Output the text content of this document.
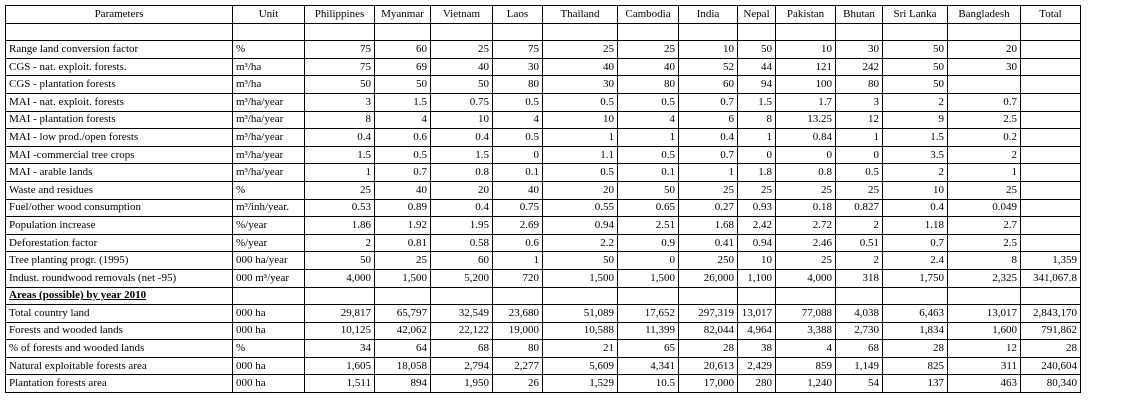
Parameters	Unit	Philippines	Myanmar	Vietnam	Laos	Thailand	Cambodia	India	Nepal	Pakistan	Bhutan	Sri Lanka	Bangladesh	Total

Range land conversion factor	%	75	60	25	75	25	25	10	50	10	30	50	20	
CGS - nat. exploit. forests.	m³/ha	75	69	40	30	40	40	52	44	121	242	50	30	
CGS - plantation forests	m³/ha	50	50	50	80	30	80	60	94	100	80	50		
MAI - nat. exploit. forests	m³/ha/year	3	1.5	0.75	0.5	0.5	0.5	0.7	1.5	1.7	3	2	0.7	
MAI - plantation forests	m³/ha/year	8	4	10	4	10	4	6	8	13.25	12	9	2.5	
MAI - low prod./open forests	m³/ha/year	0.4	0.6	0.4	0.5	1	1	0.4	1	0.84	1	1.5	0.2	
MAI -commercial tree crops	m³/ha/year	1.5	0.5	1.5	0	1.1	0.5	0.7	0	0	0	3.5	2	
MAI - arable lands	m³/ha/year	1	0.7	0.8	0.1	0.5	0.1	1	1.8	0.8	0.5	2	1	
Waste and residues	%	25	40	20	40	20	50	25	25	25	25	10	25	
Fuel/other wood consumption	m³/inh/year.	0.53	0.89	0.4	0.75	0.55	0.65	0.27	0.93	0.18	0.827	0.4	0.049	
Population increase	%/year	1.86	1.92	1.95	2.69	0.94	2.51	1.68	2.42	2.72	2	1.18	2.7	
Deforestation factor	%/year	2	0.81	0.58	0.6	2.2	0.9	0.41	0.94	2.46	0.51	0.7	2.5	
Tree planting progr. (1995)	000 ha/year	50	25	60	1	50	0	250	10	25	2	2.4	8	1,359
Indust. roundwood removals (net -95)	000 m³/year	4,000	1,500	5,200	720	1,500	1,500	26,000	1,100	4,000	318	1,750	2,325	341,067.8
Areas (possible) by year 2010														
Total country land	000 ha	29,817	65,797	32,549	23,680	51,089	17,652	297,319	13,017	77,088	4,038	6,463	13,017	2,843,170
Forests and wooded lands	000 ha	10,125	42,062	22,122	19,000	10,588	11,399	82,044	4,964	3,388	2,730	1,834	1,600	791,862
% of forests and wooded lands	%	34	64	68	80	21	65	28	38	4	68	28	12	28
Natural exploitable forests area	000 ha	1,605	18,058	2,794	2,277	5,609	4,341	20,613	2,429	859	1,149	825	311	240,604
Plantation forests area	000 ha	1,511	894	1,950	26	1,529	10.5	17,000	280	1,240	54	137	463	80,340
